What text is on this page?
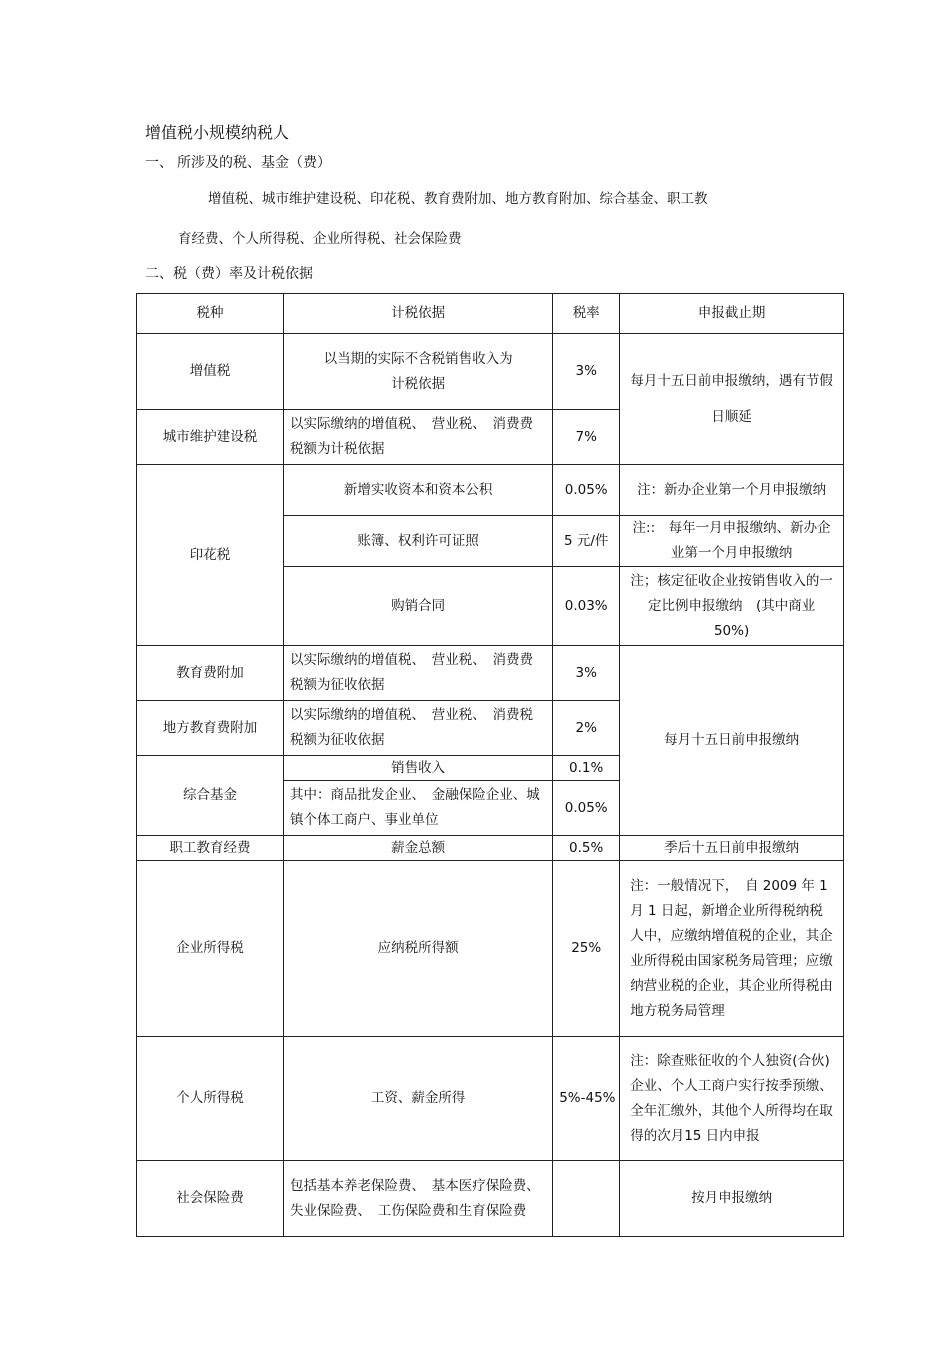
增值税小规模纳税人
一、 所涉及的税、基金（费）
增值税、城市维护建设税、印花税、教育费附加、地方教育附加、综合基金、职工教
育经费、个人所得税、企业所得税、社会保险费
二、税（费）率及计税依据
税种	计税依据	税率	申报截止期
增值税	以当期的实际不含税销售收入为计税依据	3%	每月十五日前申报缴纳，遇有节假日顺延
城市维护建设税	以实际缴纳的增值税、　营业税、　消费费税额为计税依据	7%	
印花税	新增实收资本和资本公积	0.05%	注：新办企业第一个月申报缴纳
	账簿、权利许可证照	5 元/件	注::　每年一月申报缴纳、新办企业第一个月申报缴纳
	购销合同	0.03%	注；核定征收企业按销售收入的一定比例申报缴纳　(其中商业　50%)
教育费附加	以实际缴纳的增值税、　营业税、　消费费税额为征收依据	3%	每月十五日前申报缴纳
地方教育费附加	以实际缴纳的增值税、　营业税、　消费税税额为征收依据	2%	
综合基金	销售收入	0.1%	
	其中：商品批发企业、　金融保险企业、城镇个体工商户、事业单位	0.05%	
职工教育经费	薪金总额	0.5%	季后十五日前申报缴纳
企业所得税	应纳税所得额	25%	注：一般情况下，　自 2009 年 1 月 1 日起，新增企业所得税纳税人中，应缴纳增值税的企业，其企业所得税由国家税务局管理；应缴纳营业税的企业，其企业所得税由地方税务局管理
个人所得税	工资、薪金所得	5%-45%	注：除查账征收的个人独资(合伙)企业、个人工商户实行按季预缴、全年汇缴外，其他个人所得均在取得的次月15 日内申报
社会保险费	包括基本养老保险费、　基本医疗保险费、失业保险费、　工伤保险费和生育保险费		按月申报缴纳
